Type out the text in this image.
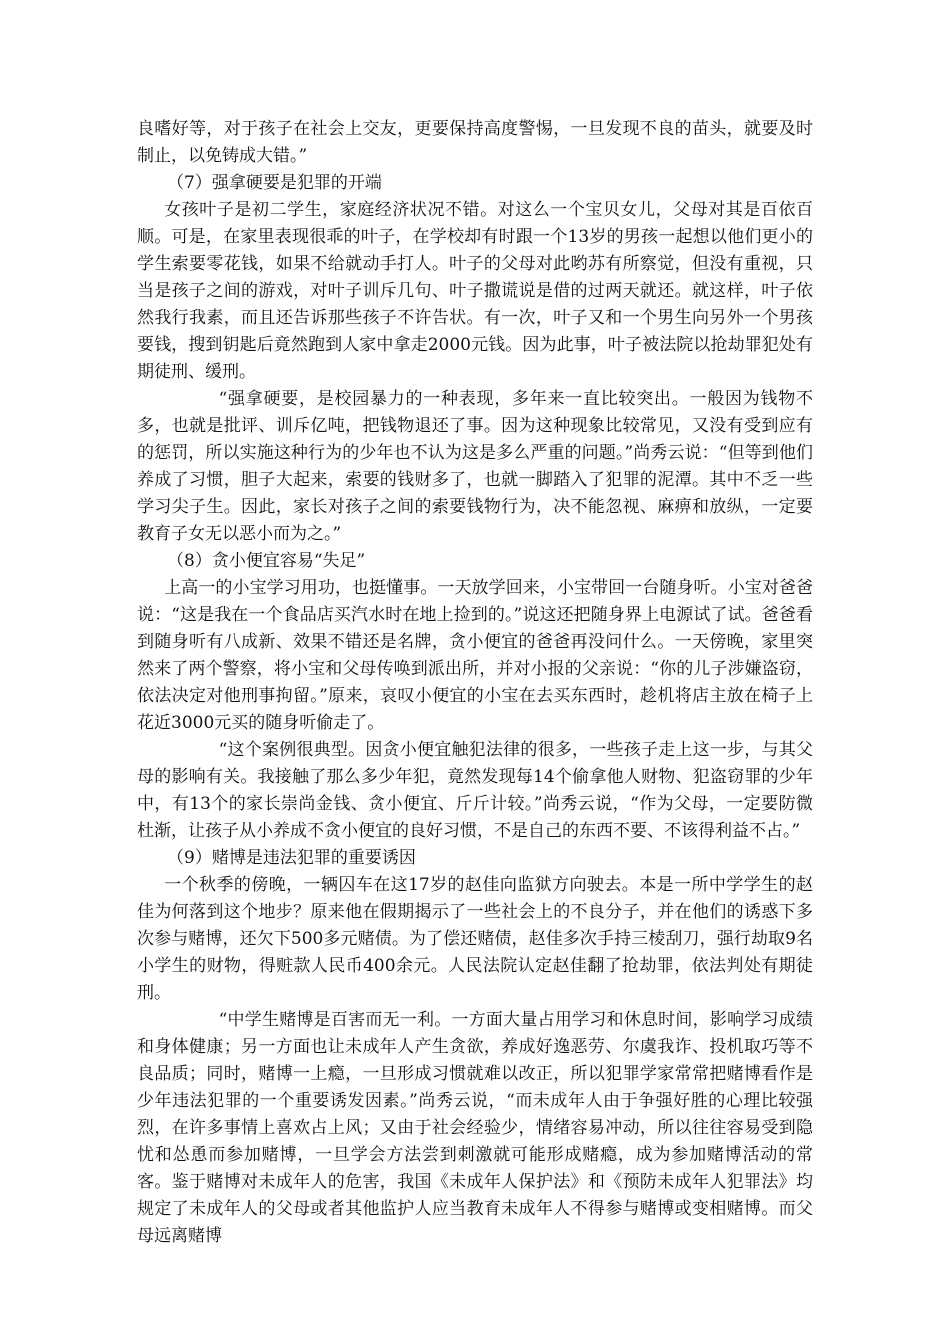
良嗜好等，对于孩子在社会上交友，更要保持高度警惕，一旦发现不良的苗头，就要及时制止，以免铸成大错。”

（7）强拿硬要是犯罪的开端

女孩叶子是初二学生，家庭经济状况不错。对这么一个宝贝女儿，父母对其是百依百顺。可是，在家里表现很乖的叶子，在学校却有时跟一个13岁的男孩一起想以他们更小的学生索要零花钱，如果不给就动手打人。叶子的父母对此哟苏有所察觉，但没有重视，只当是孩子之间的游戏，对叶子训斥几句、叶子撒谎说是借的过两天就还。就这样，叶子依然我行我素，而且还告诉那些孩子不许告状。有一次，叶子又和一个男生向另外一个男孩要钱，搜到钥匙后竟然跑到人家中拿走2000元钱。因为此事，叶子被法院以抢劫罪犯处有期徒刑、缓刑。

“强拿硬要，是校园暴力的一种表现，多年来一直比较突出。一般因为钱物不多，也就是批评、训斥亿吨，把钱物退还了事。因为这种现象比较常见，又没有受到应有的惩罚，所以实施这种行为的少年也不认为这是多么严重的问题。”尚秀云说：“但等到他们养成了习惯，胆子大起来，索要的钱财多了，也就一脚踏入了犯罪的泥潭。其中不乏一些学习尖子生。因此，家长对孩子之间的索要钱物行为，决不能忽视、麻痹和放纵，一定要教育子女无以恶小而为之。”

（8）贪小便宜容易“失足”

上高一的小宝学习用功，也挺懂事。一天放学回来，小宝带回一台随身听。小宝对爸爸说：“这是我在一个食品店买汽水时在地上捡到的。”说这还把随身界上电源试了试。爸爸看到随身听有八成新、效果不错还是名牌，贪小便宜的爸爸再没问什么。一天傍晚，家里突然来了两个警察，将小宝和父母传唤到派出所，并对小报的父亲说：“你的儿子涉嫌盗窃，依法决定对他刑事拘留。”原来，哀叹小便宜的小宝在去买东西时，趁机将店主放在椅子上花近3000元买的随身听偷走了。

“这个案例很典型。因贪小便宜触犯法律的很多，一些孩子走上这一步，与其父母的影响有关。我接触了那么多少年犯，竟然发现每14个偷拿他人财物、犯盗窃罪的少年中，有13个的家长崇尚金钱、贪小便宜、斤斤计较。”尚秀云说，“作为父母，一定要防微杜渐，让孩子从小养成不贪小便宜的良好习惯，不是自己的东西不要、不该得利益不占。”

（9）赌博是违法犯罪的重要诱因

一个秋季的傍晚，一辆囚车在这17岁的赵佳向监狱方向驶去。本是一所中学学生的赵佳为何落到这个地步？原来他在假期揭示了一些社会上的不良分子，并在他们的诱惑下多次参与赌博，还欠下500多元赌债。为了偿还赌债，赵佳多次手持三棱刮刀，强行劫取9名小学生的财物，得赃款人民币400余元。人民法院认定赵佳翻了抢劫罪，依法判处有期徒刑。

“中学生赌博是百害而无一利。一方面大量占用学习和休息时间，影响学习成绩和身体健康；另一方面也让未成年人产生贪欲，养成好逸恶劳、尔虞我诈、投机取巧等不良品质；同时，赌博一上瘾，一旦形成习惯就难以改正，所以犯罪学家常常把赌博看作是少年违法犯罪的一个重要诱发因素。”尚秀云说，“而未成年人由于争强好胜的心理比较强烈，在许多事情上喜欢占上风；又由于社会经验少，情绪容易冲动，所以往往容易受到隐忧和怂恿而参加赌博，一旦学会方法尝到刺激就可能形成赌瘾，成为参加赌博活动的常客。鉴于赌博对未成年人的危害，我国《未成年人保护法》和《预防未成年人犯罪法》均规定了未成年人的父母或者其他监护人应当教育未成年人不得参与赌博或变相赌博。而父母远离赌博
